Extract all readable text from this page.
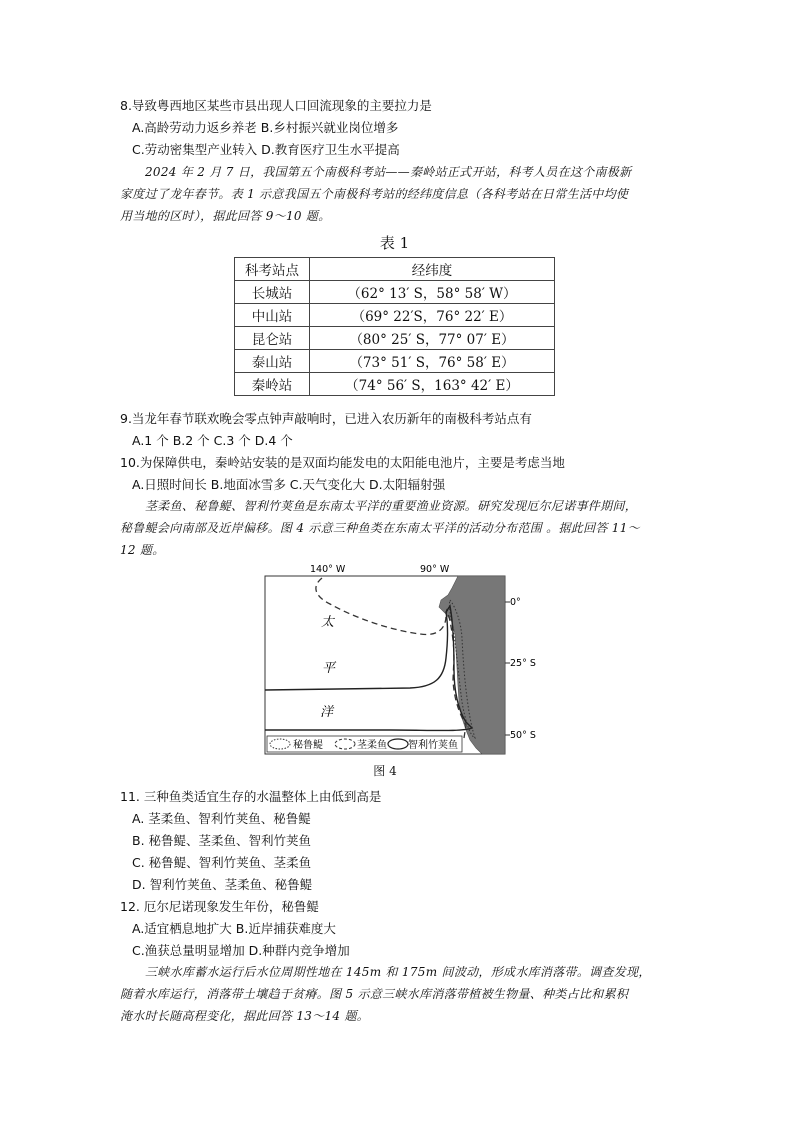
8.导致粤西地区某些市县出现人口回流现象的主要拉力是
A.高龄劳动力返乡养老 B.乡村振兴就业岗位增多
C.劳动密集型产业转入 D.教育医疗卫生水平提高
2024 年 2 月 7 日，我国第五个南极科考站——秦岭站正式开站，科考人员在这个南极新
家度过了龙年春节。表 1 示意我国五个南极科考站的经纬度信息（各科考站在日常生活中均使
用当地的区时），据此回答 9～10 题。
表 1
科考站点	经纬度
长城站	（62° 13′ S，58° 58′ W）
中山站	（69° 22′S，76° 22′ E）
昆仑站	（80° 25′ S，77° 07′ E）
泰山站	（73° 51′ S，76° 58′ E）
秦岭站	（74° 56′ S，163° 42′ E）
9.当龙年春节联欢晚会零点钟声敲响时，已进入农历新年的南极科考站点有
A.1 个 B.2 个 C.3 个 D.4 个
10.为保障供电，秦岭站安装的是双面均能发电的太阳能电池片，主要是考虑当地
A.日照时间长 B.地面冰雪多 C.天气变化大 D.太阳辐射强
茎柔鱼、秘鲁鳀、智利竹荚鱼是东南太平洋的重要渔业资源。研究发现厄尔尼诺事件期间，
秘鲁鳀会向南部及近岸偏移。图 4 示意三种鱼类在东南太平洋的活动分布范围 。据此回答 11～
12 题。
140° W	90° W
太
平
洋
0°
25° S
50° S
秘鲁鳀	茎柔鱼 智利竹荚鱼
图 4
11. 三种鱼类适宜生存的水温整体上由低到高是
A. 茎柔鱼、智利竹荚鱼、秘鲁鳀
B. 秘鲁鳀、茎柔鱼、智利竹荚鱼
C. 秘鲁鳀、智利竹荚鱼、茎柔鱼
D. 智利竹荚鱼、茎柔鱼、秘鲁鳀
12. 厄尔尼诺现象发生年份，秘鲁鳀
A.适宜栖息地扩大 B.近岸捕获难度大
C.渔获总量明显增加 D.种群内竞争增加
三峡水库蓄水运行后水位周期性地在 145m 和 175m 间波动，形成水库消落带。调查发现，
随着水库运行，消落带土壤趋于贫瘠。图 5 示意三峡水库消落带植被生物量、种类占比和累积
淹水时长随高程变化，据此回答 13～14 题。
